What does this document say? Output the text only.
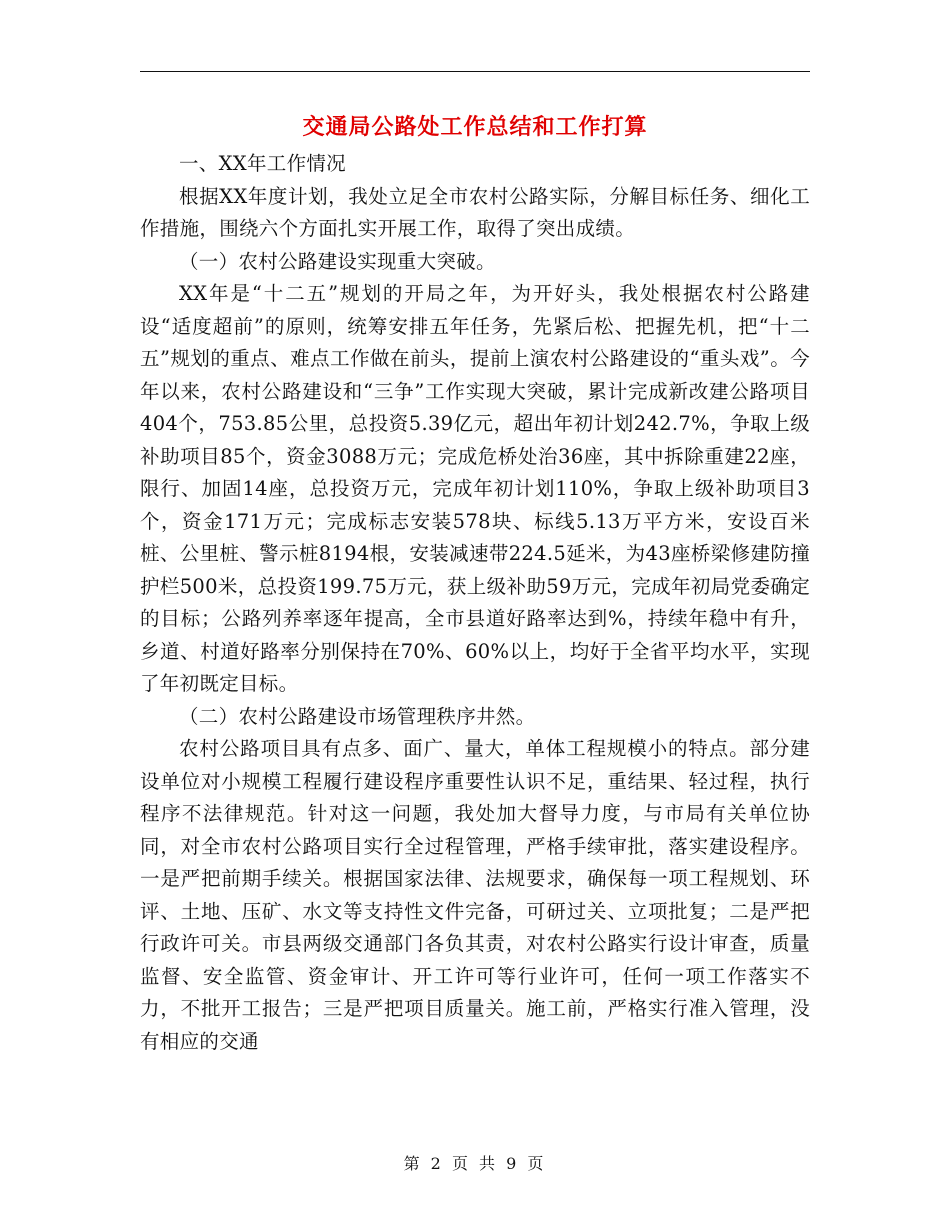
交通局公路处工作总结和工作打算

一、XX年工作情况

根据XX年度计划，我处立足全市农村公路实际，分解目标任务、细化工作措施，围绕六个方面扎实开展工作，取得了突出成绩。

（一）农村公路建设实现重大突破。

XX年是“十二五”规划的开局之年，为开好头，我处根据农村公路建设“适度超前”的原则，统筹安排五年任务，先紧后松、把握先机，把“十二五”规划的重点、难点工作做在前头，提前上演农村公路建设的“重头戏”。今年以来，农村公路建设和“三争”工作实现大突破，累计完成新改建公路项目404个，753.85公里，总投资5.39亿元，超出年初计划242.7%，争取上级补助项目85个，资金3088万元；完成危桥处治36座，其中拆除重建22座，限行、加固14座，总投资万元，完成年初计划110%，争取上级补助项目3个，资金171万元；完成标志安装578块、标线5.13万平方米，安设百米桩、公里桩、警示桩8194根，安装减速带224.5延米，为43座桥梁修建防撞护栏500米，总投资199.75万元，获上级补助59万元，完成年初局党委确定的目标；公路列养率逐年提高，全市县道好路率达到%，持续年稳中有升，乡道、村道好路率分别保持在70%、60%以上，均好于全省平均水平，实现了年初既定目标。

（二）农村公路建设市场管理秩序井然。

农村公路项目具有点多、面广、量大，单体工程规模小的特点。部分建设单位对小规模工程履行建设程序重要性认识不足，重结果、轻过程，执行程序不法律规范。针对这一问题，我处加大督导力度，与市局有关单位协同，对全市农村公路项目实行全过程管理，严格手续审批，落实建设程序。一是严把前期手续关。根据国家法律、法规要求，确保每一项工程规划、环评、土地、压矿、水文等支持性文件完备，可研过关、立项批复；二是严把行政许可关。市县两级交通部门各负其责，对农村公路实行设计审查，质量监督、安全监管、资金审计、开工许可等行业许可，任何一项工作落实不力，不批开工报告；三是严把项目质量关。施工前，严格实行准入管理，没有相应的交通

第 2 页 共 9 页
